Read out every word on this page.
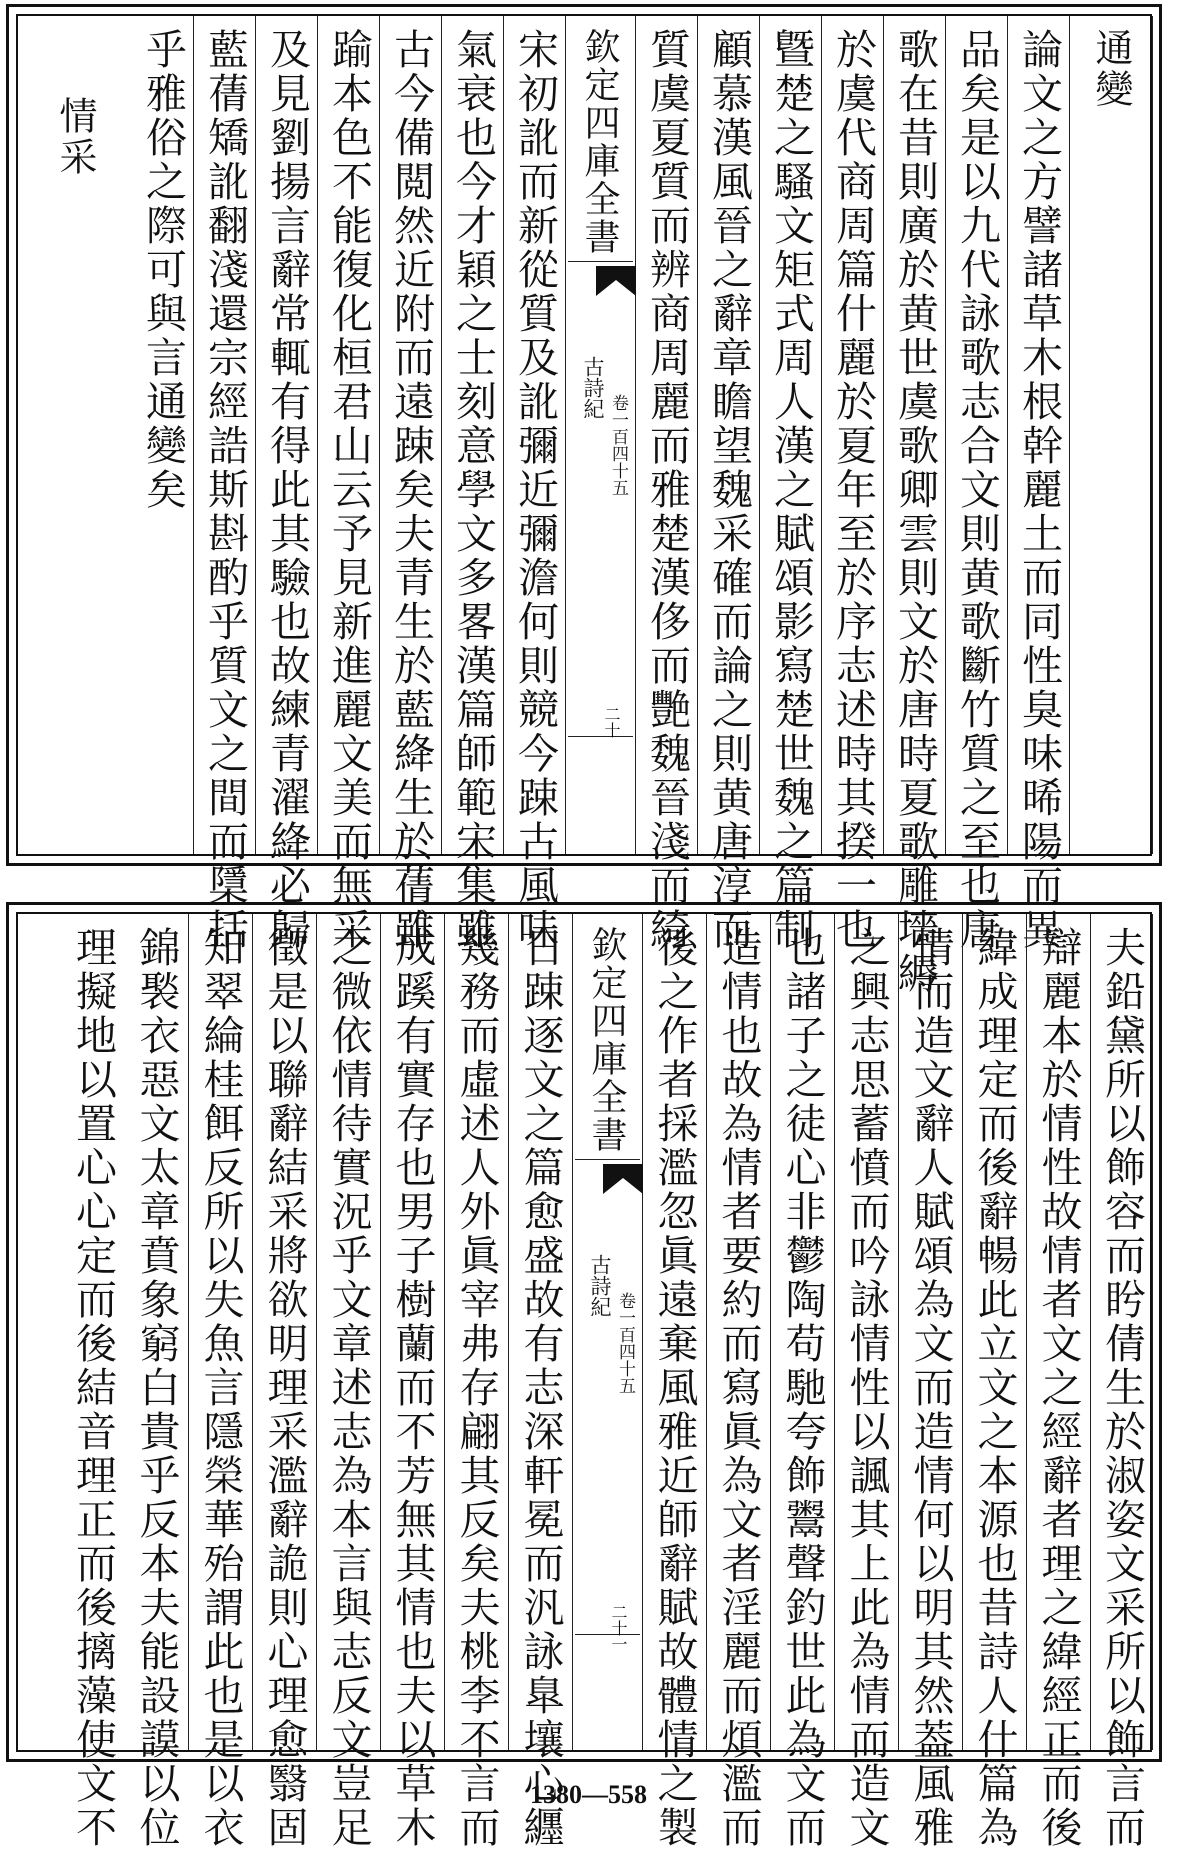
通變
論文之方譬諸草木根幹麗土而同性臭味晞陽而異
品矣是以九代詠歌志合文則黄歌斷竹質之至也唐
歌在昔則廣於黄世虞歌卿雲則文於唐時夏歌雕墻縟
於虞代商周篇什麗於夏年至於序志述時其揆一也
曁楚之騷文矩式周人漢之賦頌影寫楚世魏之篇制
顧慕漢風晉之辭章瞻望魏采確而論之則黄唐淳而
質虞夏質而辨商周麗而雅楚漢侈而艷魏晉淺而綺
欽定四庫全書
古詩紀
卷一百四十五
二十
宋初訛而新從質及訛彌近彌澹何則競今踈古風味
氣衰也今才穎之士刻意學文多畧漢篇師範宋集雖
古今備閲然近附而遠踈矣夫青生於藍絳生於蒨雖
踰本色不能復化桓君山云予見新進麗文美而無采
及見劉揚言辭常輒有得此其驗也故練青濯絳必歸
藍蒨矯訛翻淺還宗經誥斯斟酌乎質文之間而檃括
乎雅俗之際可與言通變矣
情采
夫鉛黛所以飾容而盻倩生於淑姿文采所以飾言而
辯麗本於情性故情者文之經辭者理之緯經正而後
緯成理定而後辭暢此立文之本源也昔詩人什篇為
情而造文辭人賦頌為文而造情何以明其然葢風雅
之興志思蓄憤而吟詠情性以諷其上此為情而造文
也諸子之徒心非鬱陶苟馳夸飾鬻聲釣世此為文而
造情也故為情者要約而寫眞為文者淫麗而煩濫而
後之作者採濫忽眞遠棄風雅近師辭賦故體情之製
欽定四庫全書
古詩紀
卷一百四十五
二十一
日踈逐文之篇愈盛故有志深軒冕而汎詠臯壤心纒
幾務而虛述人外眞宰弗存翩其反矣夫桃李不言而
成蹊有實存也男子樹蘭而不芳無其情也夫以草木
之微依情待實況乎文章述志為本言與志反文豈足
徵是以聯辭結采將欲明理采濫辭詭則心理愈翳固
知翠綸桂餌反所以失魚言隱榮華殆謂此也是以衣
錦褧衣惡文太章賁象窮白貴乎反本夫能設謨以位
理擬地以置心心定而後結音理正而後摛藻使文不	1380—558
